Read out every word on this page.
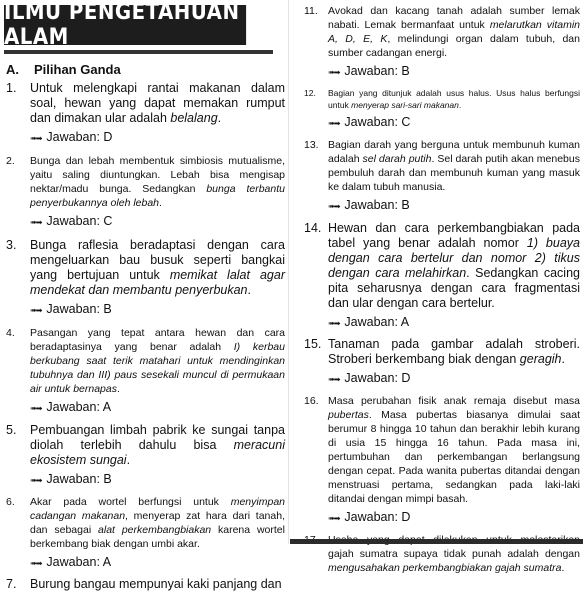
ILMU PENGETAHUAN ALAM
A. Pilihan Ganda
1. Untuk melengkapi rantai makanan dalam soal, hewan yang dapat memakan rumput dan dimakan ular adalah belalang.
➠➡ Jawaban: D
2. Bunga dan lebah membentuk simbiosis mutualisme, yaitu saling diuntungkan. Lebah bisa mengisap nektar/madu bunga. Sedangkan bunga terbantu penyerbukannya oleh lebah.
➠➡ Jawaban: C
3. Bunga raflesia beradaptasi dengan cara mengeluarkan bau busuk seperti bangkai yang bertujuan untuk memikat lalat agar mendekat dan membantu penyerbukan.
➠➡ Jawaban: B
4. Pasangan yang tepat antara hewan dan cara beradaptasinya yang benar adalah I) kerbau berkubang saat terik matahari untuk mendinginkan tubuhnya dan III) paus sesekali muncul di permukaan air untuk bernapas.
➠➡ Jawaban: A
5. Pembuangan limbah pabrik ke sungai tanpa diolah terlebih dahulu bisa meracuni ekosistem sungai.
➠➡ Jawaban: B
6. Akar pada wortel berfungsi untuk menyimpan cadangan makanan, menyerap zat hara dari tanah, dan sebagai alat perkembangbiakan karena wortel berkembang biak dengan umbi akar.
➠➡ Jawaban: A
7. Burung bangau mempunyai kaki panjang dan
11. Avokad dan kacang tanah adalah sumber lemak nabati. Lemak bermanfaat untuk melarutkan vitamin A, D, E, K, melindungi organ dalam tubuh, dan sumber cadangan energi.
➠➡ Jawaban: B
12. Bagian yang ditunjuk adalah usus halus. Usus halus berfungsi untuk menyerap sari-sari makanan.
➠➡ Jawaban: C
13. Bagian darah yang berguna untuk membunuh kuman adalah sel darah putih. Sel darah putih akan menebus pembuluh darah dan membunuh kuman yang masuk ke dalam tubuh manusia.
➠➡ Jawaban: B
14. Hewan dan cara perkembangbiakan pada tabel yang benar adalah nomor 1) buaya dengan cara bertelur dan nomor 2) tikus dengan cara melahirkan. Sedangkan cacing pita seharusnya dengan cara fragmentasi dan ular dengan cara bertelur.
➠➡ Jawaban: A
15. Tanaman pada gambar adalah stroberi. Stroberi berkembang biak dengan geragih.
➠➡ Jawaban: D
16. Masa perubahan fisik anak remaja disebut masa pubertas. Masa pubertas biasanya dimulai saat berumur 8 hingga 10 tahun dan berakhir lebih kurang di usia 15 hingga 16 tahun. Pada masa ini, pertumbuhan dan perkembangan berlangsung dengan cepat. Pada wanita pubertas ditandai dengan menstruasi pertama, sedangkan pada laki-laki ditandai dengan mimpi basah.
➠➡ Jawaban: D
gajah sumatra supaya tidak punah adalah dengan mengusahakan perkembangbiakan gajah sumatra.
